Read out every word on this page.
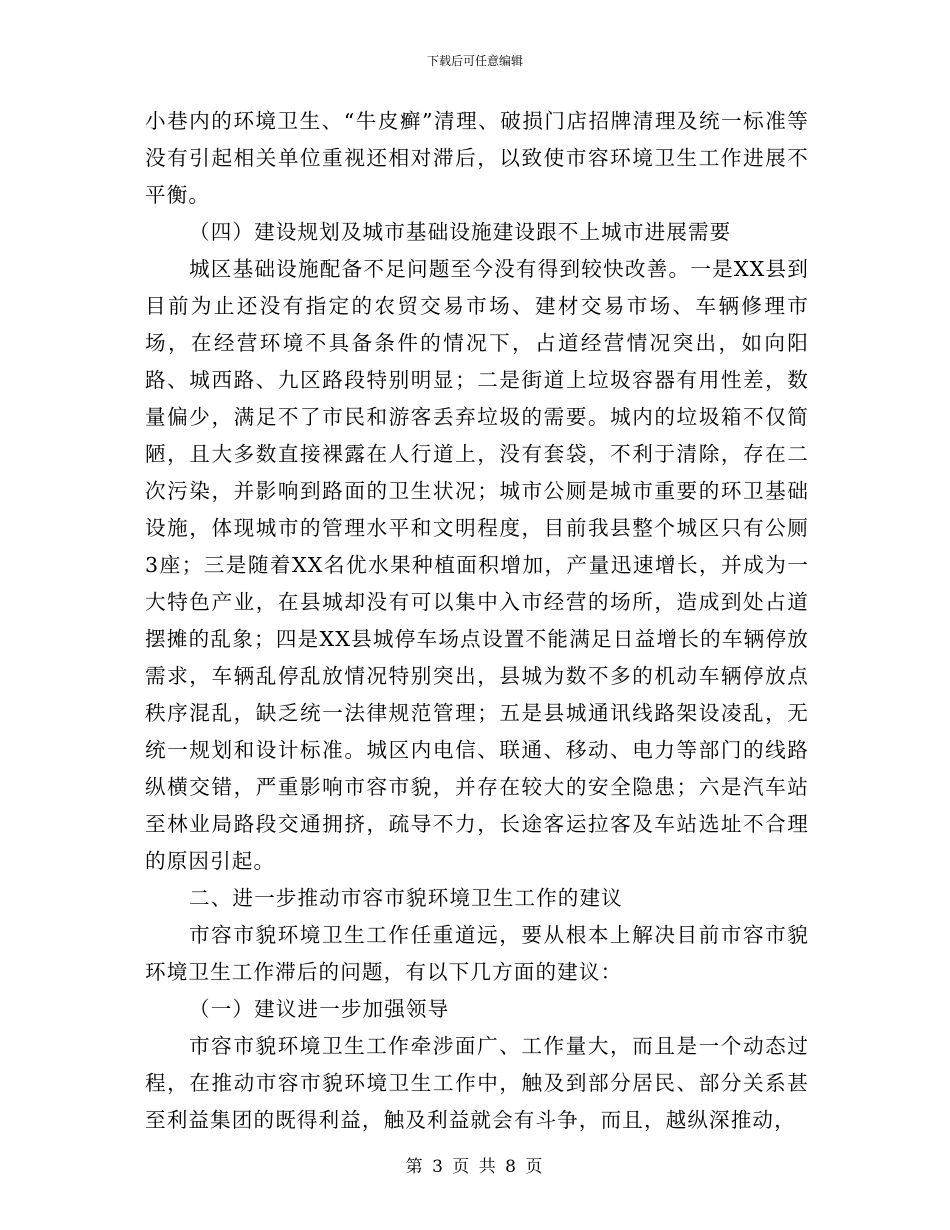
下载后可任意编辑

小巷内的环境卫生、“牛皮癣”清理、破损门店招牌清理及统一标准等没有引起相关单位重视还相对滞后，以致使市容环境卫生工作进展不平衡。

（四）建设规划及城市基础设施建设跟不上城市进展需要

城区基础设施配备不足问题至今没有得到较快改善。一是XX县到目前为止还没有指定的农贸交易市场、建材交易市场、车辆修理市场，在经营环境不具备条件的情况下，占道经营情况突出，如向阳路、城西路、九区路段特别明显；二是街道上垃圾容器有用性差，数量偏少，满足不了市民和游客丢弃垃圾的需要。城内的垃圾箱不仅简陋，且大多数直接裸露在人行道上，没有套袋，不利于清除，存在二次污染，并影响到路面的卫生状况；城市公厕是城市重要的环卫基础设施，体现城市的管理水平和文明程度，目前我县整个城区只有公厕3座；三是随着XX名优水果种植面积增加，产量迅速增长，并成为一大特色产业，在县城却没有可以集中入市经营的场所，造成到处占道摆摊的乱象；四是XX县城停车场点设置不能满足日益增长的车辆停放需求，车辆乱停乱放情况特别突出，县城为数不多的机动车辆停放点秩序混乱，缺乏统一法律规范管理；五是县城通讯线路架设凌乱，无统一规划和设计标准。城区内电信、联通、移动、电力等部门的线路纵横交错，严重影响市容市貌，并存在较大的安全隐患；六是汽车站至林业局路段交通拥挤，疏导不力，长途客运拉客及车站选址不合理的原因引起。

二、进一步推动市容市貌环境卫生工作的建议

市容市貌环境卫生工作任重道远，要从根本上解决目前市容市貌环境卫生工作滞后的问题，有以下几方面的建议：

（一）建议进一步加强领导

市容市貌环境卫生工作牵涉面广、工作量大，而且是一个动态过程，在推动市容市貌环境卫生工作中，触及到部分居民、部分关系甚至利益集团的既得利益，触及利益就会有斗争，而且，越纵深推动，

第 3 页 共 8 页
